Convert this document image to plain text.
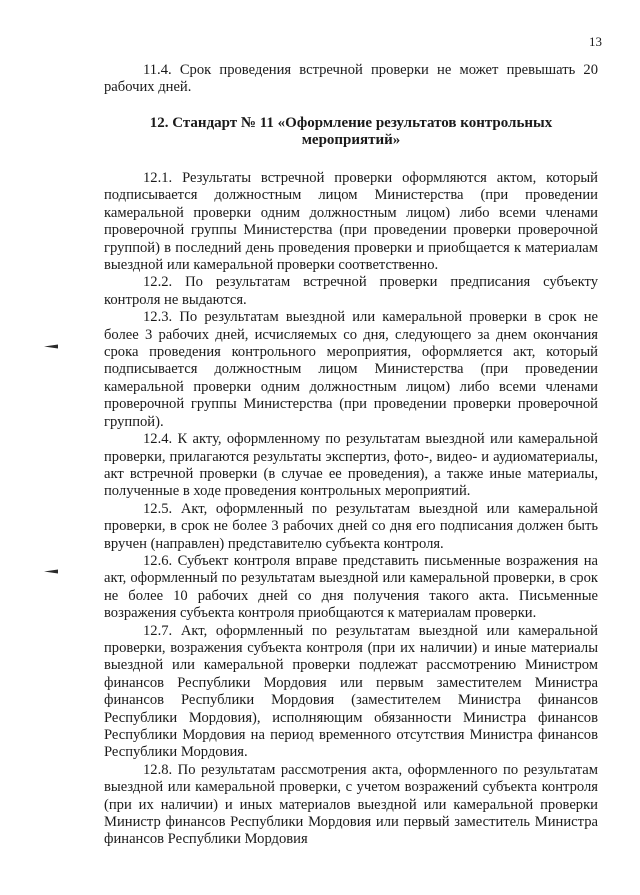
13

11.4. Срок проведения встречной проверки не может превышать 20 рабочих дней.

12. Стандарт № 11 «Оформление результатов контрольных мероприятий»

12.1. Результаты встречной проверки оформляются актом, который подписывается должностным лицом Министерства (при проведении камеральной проверки одним должностным лицом) либо всеми членами проверочной группы Министерства (при проведении проверки проверочной группой) в последний день проведения проверки и приобщается к материалам выездной или камеральной проверки соответственно.

12.2. По результатам встречной проверки предписания субъекту контроля не выдаются.

12.3. По результатам выездной или камеральной проверки в срок не более 3 рабочих дней, исчисляемых со дня, следующего за днем окончания срока проведения контрольного мероприятия, оформляется акт, который подписывается должностным лицом Министерства (при проведении камеральной проверки одним должностным лицом) либо всеми членами проверочной группы Министерства (при проведении проверки проверочной группой).

12.4. К акту, оформленному по результатам выездной или камеральной проверки, прилагаются результаты экспертиз, фото-, видео- и аудиоматериалы, акт встречной проверки (в случае ее проведения), а также иные материалы, полученные в ходе проведения контрольных мероприятий.

12.5. Акт, оформленный по результатам выездной или камеральной проверки, в срок не более 3 рабочих дней со дня его подписания должен быть вручен (направлен) представителю субъекта контроля.

12.6. Субъект контроля вправе представить письменные возражения на акт, оформленный по результатам выездной или камеральной проверки, в срок не более 10 рабочих дней со дня получения такого акта. Письменные возражения субъекта контроля приобщаются к материалам проверки.

12.7. Акт, оформленный по результатам выездной или камеральной проверки, возражения субъекта контроля (при их наличии) и иные материалы выездной или камеральной проверки подлежат рассмотрению Министром финансов Республики Мордовия или первым заместителем Министра финансов Республики Мордовия (заместителем Министра финансов Республики Мордовия), исполняющим обязанности Министра финансов Республики Мордовия на период временного отсутствия Министра финансов Республики Мордовия.

12.8. По результатам рассмотрения акта, оформленного по результатам выездной или камеральной проверки, с учетом возражений субъекта контроля (при их наличии) и иных материалов выездной или камеральной проверки Министр финансов Республики Мордовия или первый заместитель Министра финансов Республики Мордовия
